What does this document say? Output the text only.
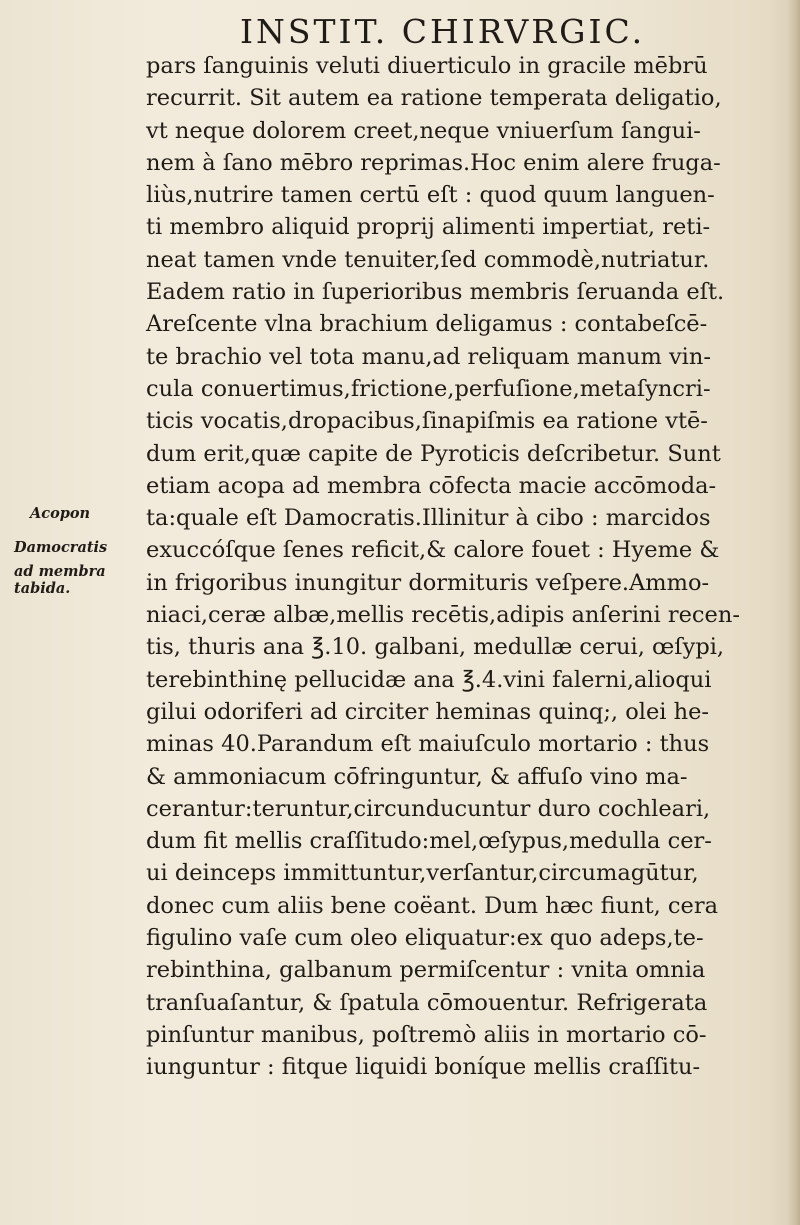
INSTIT. CHIRVRGIC.
Acopon
Damocratis
ad membra
tabida.
pars ſanguinis veluti diuerticulo in gracile mēbrū
recurrit. Sit autem ea ratione temperata deligatio,
vt neque dolorem creet,neque vniuerſum ſangui-
nem à ſano mēbro reprimas.Hoc enim alere fruga-
liùs,nutrire tamen certū eſt : quod quum languen-
ti membro aliquid proprij alimenti impertiat, reti-
neat tamen vnde tenuiter,ſed commodè,nutriatur.
Eadem ratio in ſuperioribus membris ſeruanda eſt.
Areſcente vlna brachium deligamus : contabeſcē-
te brachio vel tota manu,ad reliquam manum vin-
cula conuertimus,frictione,perfuſione,metaſyncri-
ticis vocatis,dropacibus,ſinapiſmis ea ratione vtē-
dum erit,quæ capite de Pyroticis deſcribetur. Sunt
etiam acopa ad membra cōfecta macie accōmoda-
ta:quale eſt Damocratis.Illinitur à cibo : marcidos
exuccóſque ſenes reficit,& calore fouet : Hyeme &
in frigoribus inungitur dormituris veſpere.Ammo-
niaci,ceræ albæ,mellis recētis,adipis anſerini recen-
tis, thuris ana ℥.10. galbani, medullæ cerui, œſypi,
terebinthinę pellucidæ ana ℥.4.vini falerni,alioqui
gilui odoriferi ad circiter heminas quinq;, olei he-
minas 40.Parandum eſt maiuſculo mortario : thus
& ammoniacum cōfringuntur, & affuſo vino ma-
cerantur:teruntur,circunducuntur duro cochleari,
dum fit mellis craſſitudo:mel,œſypus,medulla cer-
ui deinceps immittuntur,verſantur,circumagūtur,
donec cum aliis bene coëant. Dum hæc fiunt, cera
figulino vaſe cum oleo eliquatur:ex quo adeps,te-
rebinthina, galbanum permiſcentur : vnita omnia
tranſuaſantur, & ſpatula cōmouentur. Refrigerata
pinſuntur manibus, poſtremò aliis in mortario cō-
iunguntur : fitque liquidi boníque mellis craſſitu-
